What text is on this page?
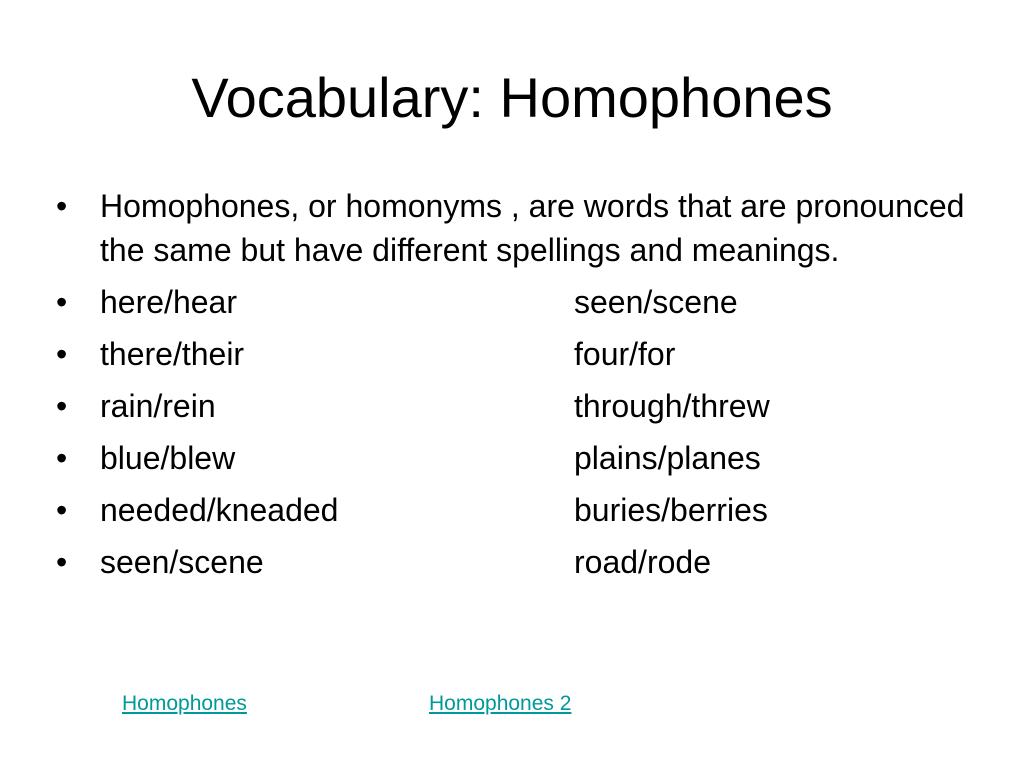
Vocabulary: Homophones
•	Homophones, or homonyms , are words that are pronounced the same but have different spellings and meanings.
•	here/hear	seen/scene
•	there/their	four/for
•	rain/rein	through/threw
•	blue/blew	plains/planes
•	needed/kneaded	buries/berries
•	seen/scene	road/rode
Homophones	Homophones 2
